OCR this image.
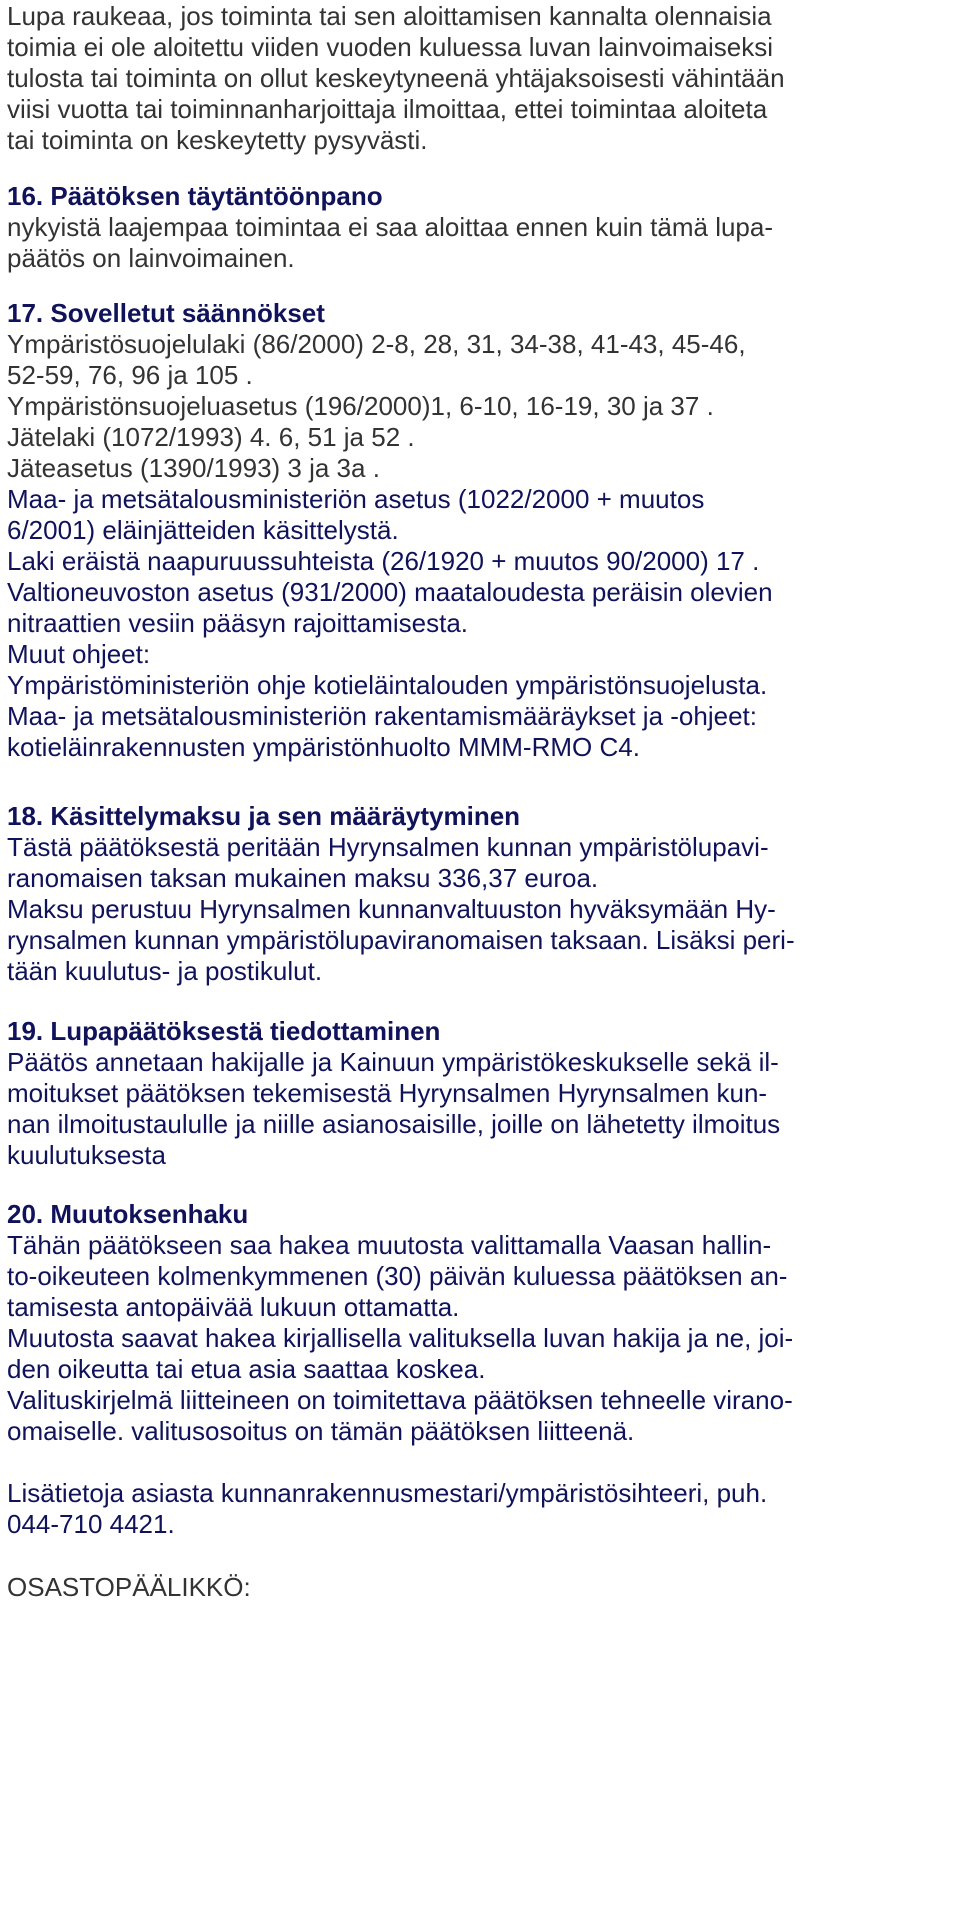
Lupa raukeaa, jos toiminta tai sen aloittamisen kannalta olennaisia
toimia ei ole aloitettu viiden vuoden kuluessa luvan lainvoimaiseksi
tulosta tai toiminta on ollut keskeytyneenä yhtäjaksoisesti vähintään
viisi vuotta tai toiminnanharjoittaja ilmoittaa, ettei toimintaa aloiteta
tai toiminta on keskeytetty pysyvästi.
16. Päätöksen täytäntöönpano
nykyistä laajempaa toimintaa ei saa aloittaa ennen kuin tämä lupa-
päätös on lainvoimainen.
17. Sovelletut säännökset
Ympäristösuojelulaki (86/2000) 2-8, 28, 31, 34-38, 41-43, 45-46,
52-59, 76, 96 ja 105 .
Ympäristönsuojeluasetus (196/2000)1, 6-10, 16-19, 30 ja 37 .
Jätelaki (1072/1993) 4. 6, 51 ja 52 .
Jäteasetus (1390/1993) 3 ja 3a .
Maa- ja metsätalousministeriön asetus (1022/2000 + muutos
6/2001) eläinjätteiden käsittelystä.
Laki eräistä naapuruussuhteista (26/1920 + muutos 90/2000) 17 .
Valtioneuvoston asetus (931/2000) maataloudesta peräisin olevien
nitraattien vesiin pääsyn rajoittamisesta.
Muut ohjeet:
Ympäristöministeriön ohje kotieläintalouden ympäristönsuojelusta.
Maa- ja metsätalousministeriön rakentamismääräykset ja -ohjeet:
kotieläinrakennusten ympäristönhuolto MMM-RMO C4.
18. Käsittelymaksu ja sen määräytyminen
Tästä päätöksestä peritään Hyrynsalmen kunnan ympäristölupavi-
ranomaisen taksan mukainen maksu 336,37 euroa.
Maksu perustuu Hyrynsalmen kunnanvaltuuston hyväksymään Hy-
rynsalmen kunnan ympäristölupaviranomaisen taksaan. Lisäksi peri-
tään kuulutus- ja postikulut.
19. Lupapäätöksestä tiedottaminen
Päätös annetaan hakijalle ja Kainuun ympäristökeskukselle sekä il-
moitukset päätöksen tekemisestä Hyrynsalmen Hyrynsalmen kun-
nan ilmoitustaululle ja niille asianosaisille, joille on lähetetty ilmoitus
kuulutuksesta
20. Muutoksenhaku
Tähän päätökseen saa hakea muutosta valittamalla Vaasan hallin-
to-oikeuteen kolmenkymmenen (30) päivän kuluessa päätöksen an-
tamisesta antopäivää lukuun ottamatta.
Muutosta saavat hakea kirjallisella valituksella luvan hakija ja ne, joi-
den oikeutta tai etua asia saattaa koskea.
Valituskirjelmä liitteineen on toimitettava päätöksen tehneelle virano-
omaiselle. valitusosoitus on tämän päätöksen liitteenä.
Lisätietoja asiasta kunnanrakennusmestari/ympäristösihteeri, puh.
044-710 4421.
OSASTOPÄÄLIKKÖ:
